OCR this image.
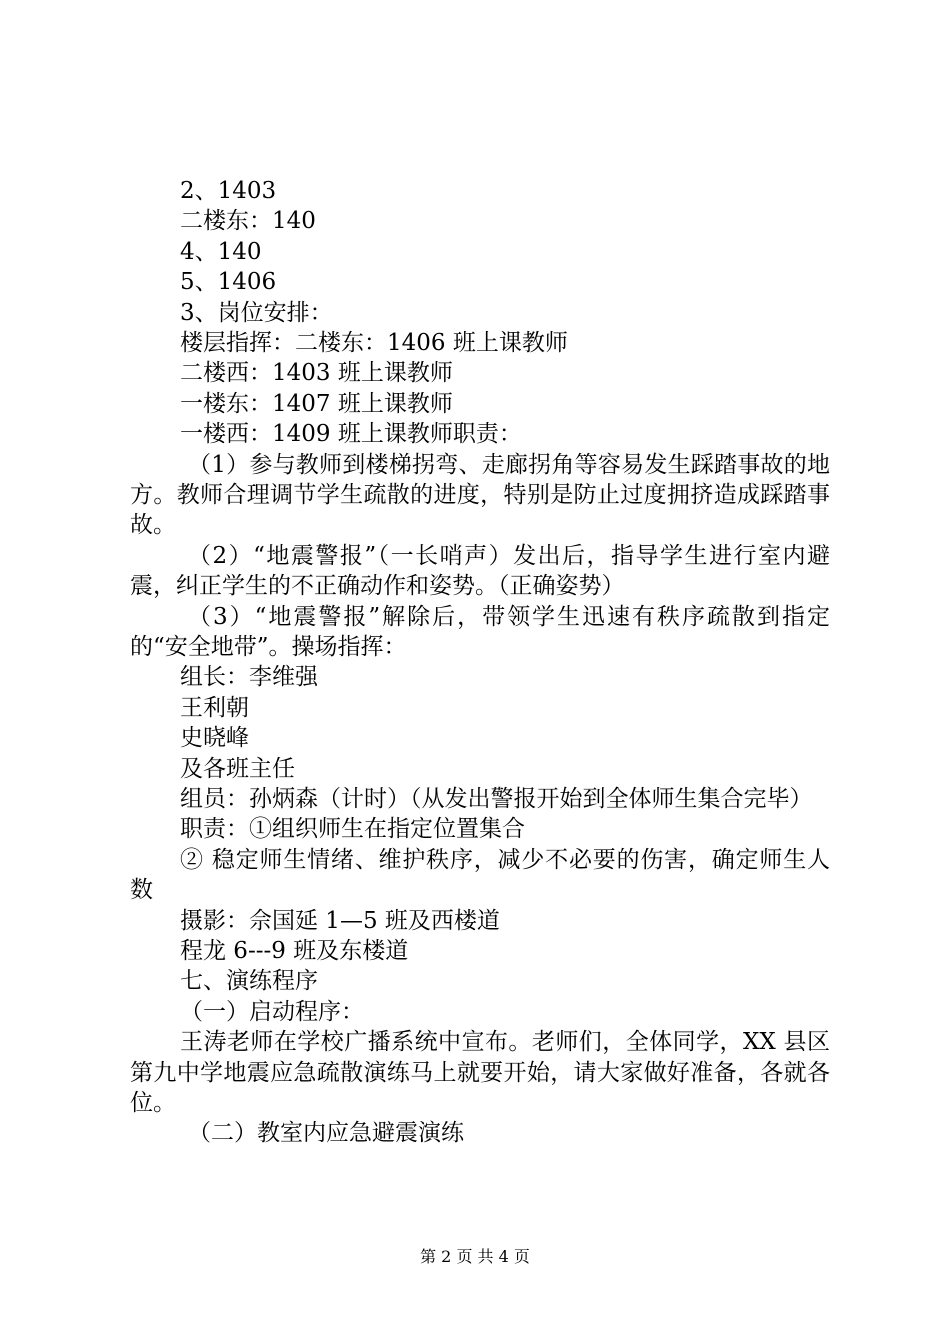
2、1403
二楼东：140
4、140
5、1406
3、岗位安排：
楼层指挥：二楼东：1406 班上课教师
二楼西：1403 班上课教师
一楼东：1407 班上课教师
一楼西：1409 班上课教师职责：
（1）参与教师到楼梯拐弯、走廊拐角等容易发生踩踏事故的地方。教师合理调节学生疏散的进度，特别是防止过度拥挤造成踩踏事故。
（2）“地震警报”（一长哨声）发出后，指导学生进行室内避震，纠正学生的不正确动作和姿势。（正确姿势）
（3）“地震警报”解除后，带领学生迅速有秩序疏散到指定的“安全地带”。操场指挥：
组长：李维强
王利朝
史晓峰
及各班主任
组员：孙炳森（计时）（从发出警报开始到全体师生集合完毕）
职责：①组织师生在指定位置集合
② 稳定师生情绪、维护秩序，减少不必要的伤害，确定师生人数
摄影：佘国延 1—5 班及西楼道
程龙 6---9 班及东楼道
七、演练程序
（一）启动程序：
王涛老师在学校广播系统中宣布。老师们，全体同学，XX 县区第九中学地震应急疏散演练马上就要开始，请大家做好准备，各就各位。
（二）教室内应急避震演练
第 2 页 共 4 页
